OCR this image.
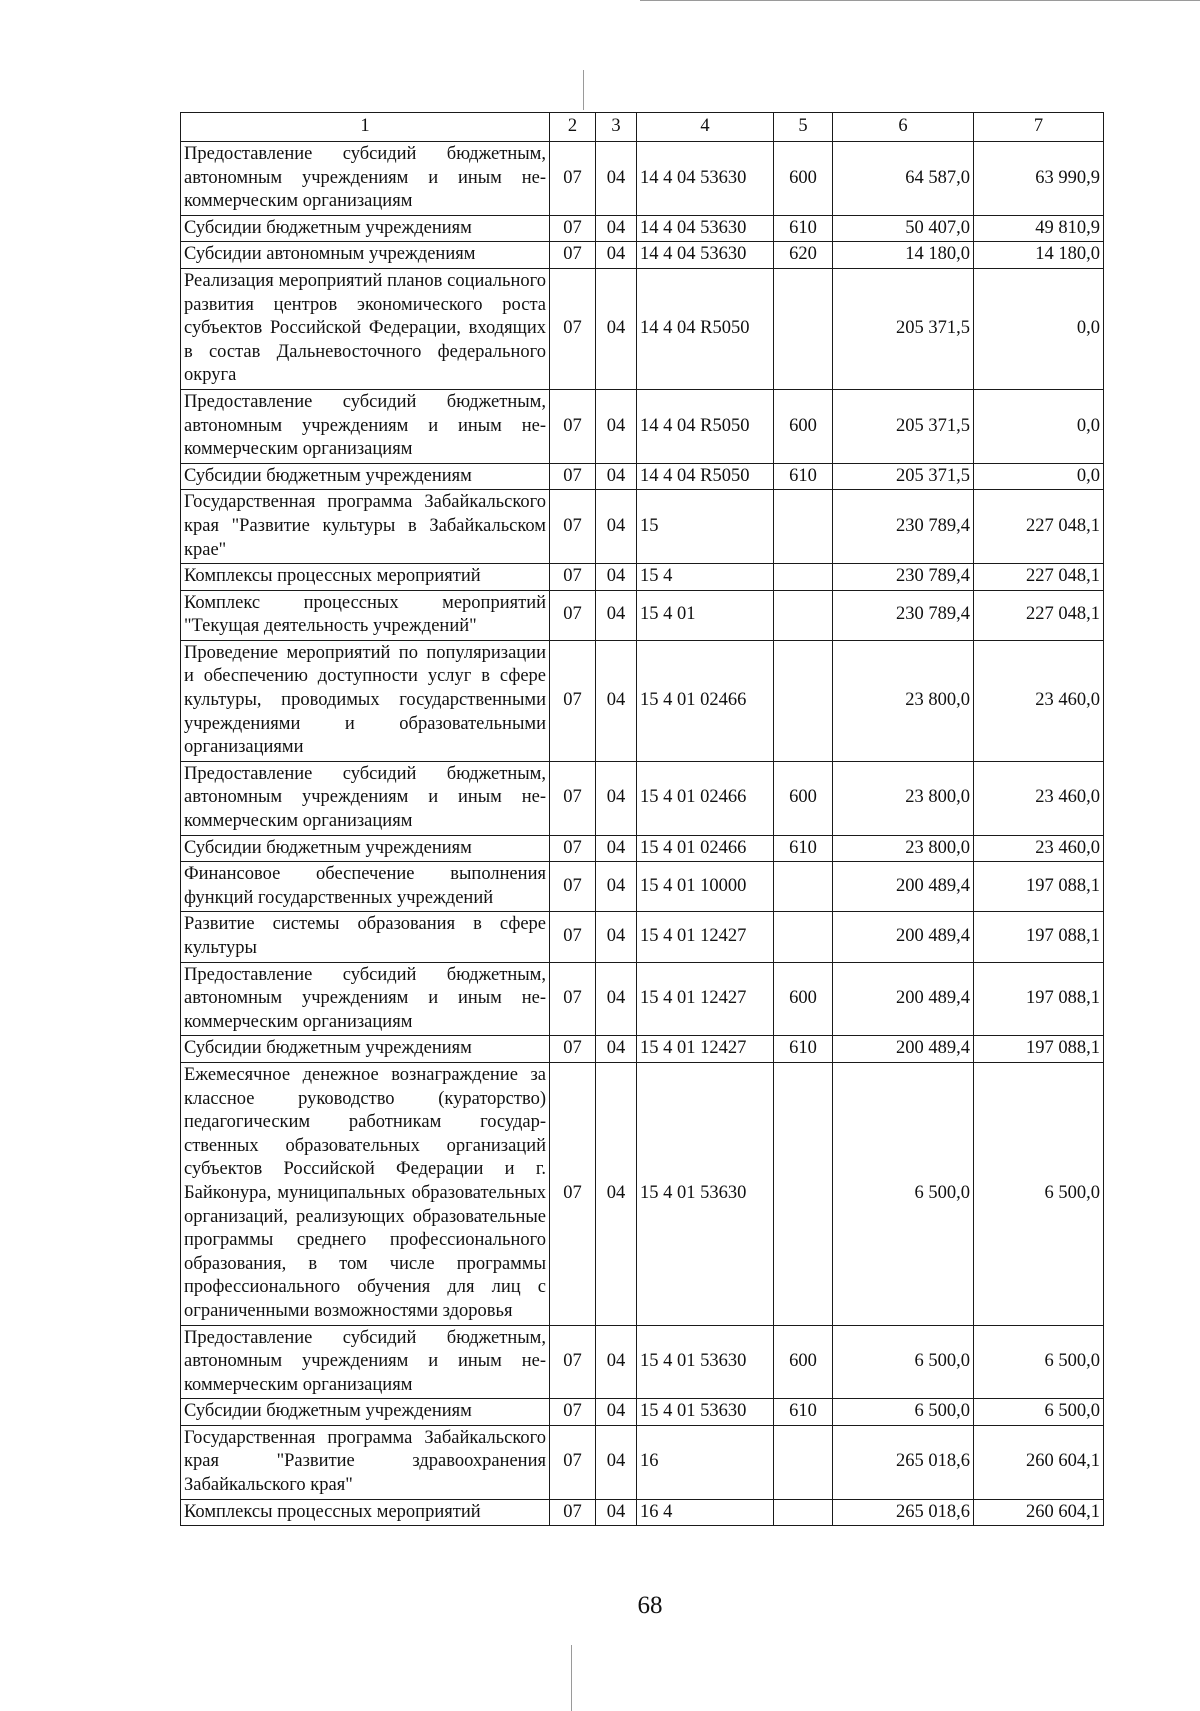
1	2	3	4	5	6	7
Предоставление субсидий бюджетным, автономным учреждениям и иным некоммерческим организациям	07	04	14 4 04 53630	600	64 587,0	63 990,9
Субсидии бюджетным учреждениям	07	04	14 4 04 53630	610	50 407,0	49 810,9
Субсидии автономным учреждениям	07	04	14 4 04 53630	620	14 180,0	14 180,0
Реализация мероприятий планов социального развития центров экономического роста субъектов Российской Федерации, входящих в состав Дальневосточного федерального округа	07	04	14 4 04 R5050		205 371,5	0,0
Предоставление субсидий бюджетным, автономным учреждениям и иным некоммерческим организациям	07	04	14 4 04 R5050	600	205 371,5	0,0
Субсидии бюджетным учреждениям	07	04	14 4 04 R5050	610	205 371,5	0,0
Государственная программа Забайкальского края "Развитие культуры в Забайкальском крае"	07	04	15		230 789,4	227 048,1
Комплексы процессных мероприятий	07	04	15 4		230 789,4	227 048,1
Комплекс процессных мероприятий "Текущая деятельность учреждений"	07	04	15 4 01		230 789,4	227 048,1
Проведение мероприятий по популяризации и обеспечению доступности услуг в сфере культуры, проводимых государственными учреждениями и образовательными организациями	07	04	15 4 01 02466		23 800,0	23 460,0
Предоставление субсидий бюджетным, автономным учреждениям и иным некоммерческим организациям	07	04	15 4 01 02466	600	23 800,0	23 460,0
Субсидии бюджетным учреждениям	07	04	15 4 01 02466	610	23 800,0	23 460,0
Финансовое обеспечение выполнения функций государственных учреждений	07	04	15 4 01 10000		200 489,4	197 088,1
Развитие системы образования в сфере культуры	07	04	15 4 01 12427		200 489,4	197 088,1
Предоставление субсидий бюджетным, автономным учреждениям и иным некоммерческим организациям	07	04	15 4 01 12427	600	200 489,4	197 088,1
Субсидии бюджетным учреждениям	07	04	15 4 01 12427	610	200 489,4	197 088,1
Ежемесячное денежное вознаграждение за классное руководство (кураторство) педагогическим работникам государственных образовательных организаций субъектов Российской Федерации и г. Байконура, муниципальных образовательных организаций, реализующих образовательные программы среднего профессионального образования, в том числе программы профессионального обучения для лиц с ограниченными возможностями здоровья	07	04	15 4 01 53630		6 500,0	6 500,0
Предоставление субсидий бюджетным, автономным учреждениям и иным некоммерческим организациям	07	04	15 4 01 53630	600	6 500,0	6 500,0
Субсидии бюджетным учреждениям	07	04	15 4 01 53630	610	6 500,0	6 500,0
Государственная программа Забайкальского края "Развитие здравоохранения Забайкальского края"	07	04	16		265 018,6	260 604,1
Комплексы процессных мероприятий	07	04	16 4		265 018,6	260 604,1
68
